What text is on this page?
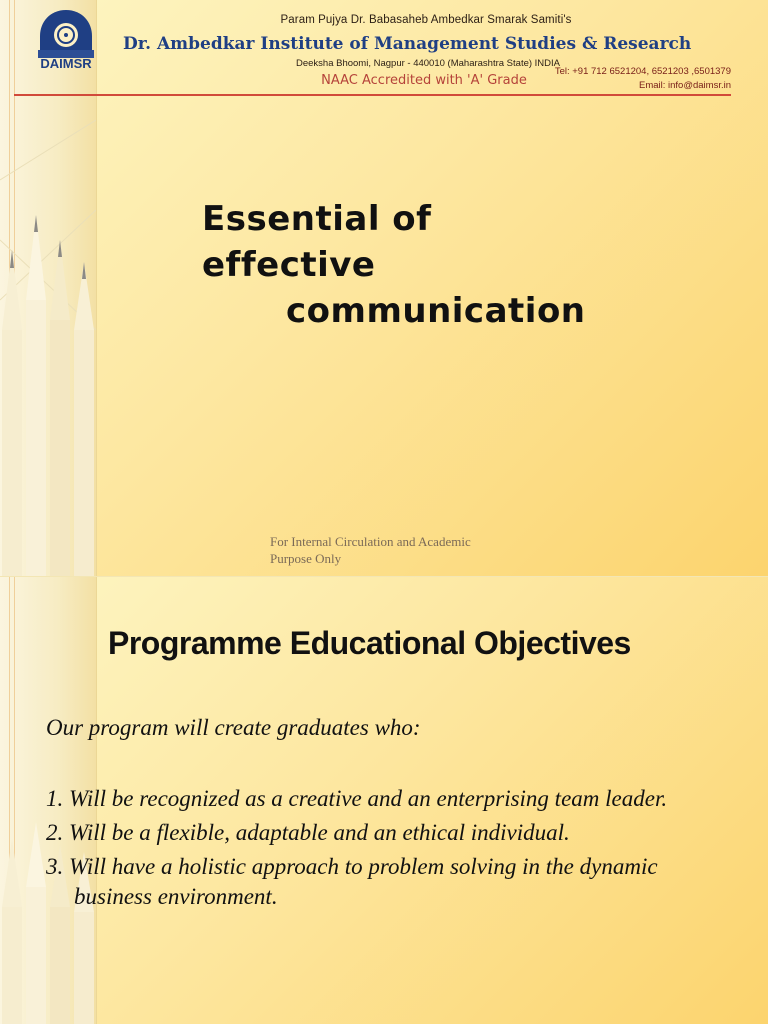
DAIMSR
Param Pujya Dr. Babasaheb Ambedkar Smarak Samiti's
Dr. Ambedkar Institute of Management Studies & Research
Deeksha Bhoomi, Nagpur - 440010 (Maharashtra State) INDIA
NAAC Accredited with 'A' Grade
Tel: +91 712 6521204, 6521203 ,6501379
Email: info@daimsr.in
Essential of effective
communication
For Internal Circulation and Academic
Purpose Only
Programme Educational Objectives
Our program will create graduates who:
1. Will be recognized as a creative and an enterprising team leader.
2. Will be a flexible, adaptable and an ethical individual.
3. Will have a holistic approach to problem solving in the dynamic business environment.
